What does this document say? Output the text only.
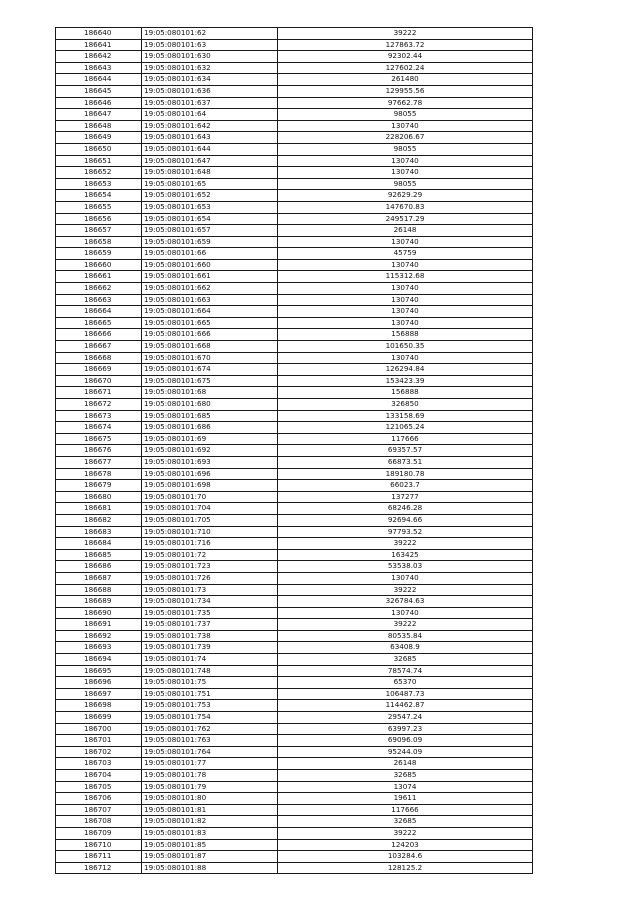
186640	19:05:080101:62	39222
186641	19:05:080101:63	127863.72
186642	19:05:080101:630	92302.44
186643	19:05:080101:632	127602.24
186644	19:05:080101:634	261480
186645	19:05:080101:636	129955.56
186646	19:05:080101:637	97662.78
186647	19:05:080101:64	98055
186648	19:05:080101:642	130740
186649	19:05:080101:643	228206.67
186650	19:05:080101:644	98055
186651	19:05:080101:647	130740
186652	19:05:080101:648	130740
186653	19:05:080101:65	98055
186654	19:05:080101:652	92629.29
186655	19:05:080101:653	147670.83
186656	19:05:080101:654	249517.29
186657	19:05:080101:657	26148
186658	19:05:080101:659	130740
186659	19:05:080101:66	45759
186660	19:05:080101:660	130740
186661	19:05:080101:661	115312.68
186662	19:05:080101:662	130740
186663	19:05:080101:663	130740
186664	19:05:080101:664	130740
186665	19:05:080101:665	130740
186666	19:05:080101:666	156888
186667	19:05:080101:668	101650.35
186668	19:05:080101:670	130740
186669	19:05:080101:674	126294.84
186670	19:05:080101:675	153423.39
186671	19:05:080101:68	156888
186672	19:05:080101:680	326850
186673	19:05:080101:685	133158.69
186674	19:05:080101:686	121065.24
186675	19:05:080101:69	117666
186676	19:05:080101:692	69357.57
186677	19:05:080101:693	66873.51
186678	19:05:080101:696	189180.78
186679	19:05:080101:698	66023.7
186680	19:05:080101:70	137277
186681	19:05:080101:704	68246.28
186682	19:05:080101:705	92694.66
186683	19:05:080101:710	97793.52
186684	19:05:080101:716	39222
186685	19:05:080101:72	163425
186686	19:05:080101:723	53538.03
186687	19:05:080101:726	130740
186688	19:05:080101:73	39222
186689	19:05:080101:734	326784.63
186690	19:05:080101:735	130740
186691	19:05:080101:737	39222
186692	19:05:080101:738	80535.84
186693	19:05:080101:739	63408.9
186694	19:05:080101:74	32685
186695	19:05:080101:748	78574.74
186696	19:05:080101:75	65370
186697	19:05:080101:751	106487.73
186698	19:05:080101:753	114462.87
186699	19:05:080101:754	29547.24
186700	19:05:080101:762	63997.23
186701	19:05:080101:763	69096.09
186702	19:05:080101:764	95244.09
186703	19:05:080101:77	26148
186704	19:05:080101:78	32685
186705	19:05:080101:79	13074
186706	19:05:080101:80	19611
186707	19:05:080101:81	117666
186708	19:05:080101:82	32685
186709	19:05:080101:83	39222
186710	19:05:080101:85	124203
186711	19:05:080101:87	103284.6
186712	19:05:080101:88	128125.2
